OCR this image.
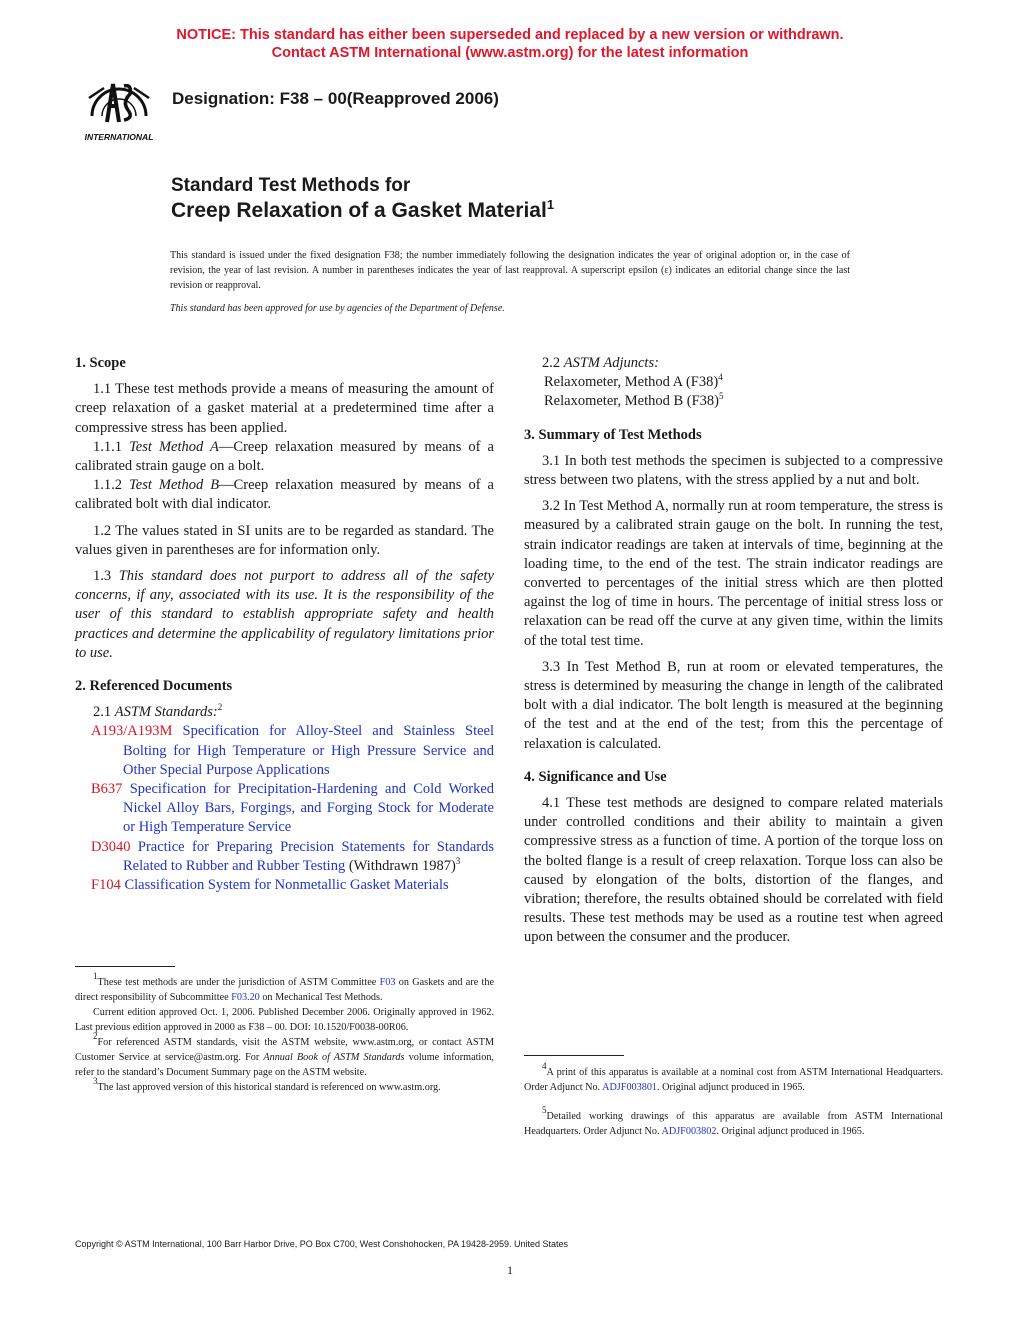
NOTICE: This standard has either been superseded and replaced by a new version or withdrawn.
Contact ASTM International (www.astm.org) for the latest information
INTERNATIONAL
Designation: F38 – 00(Reapproved 2006)
Standard Test Methods for
Creep Relaxation of a Gasket Material$^1$
This standard is issued under the fixed designation F38; the number immediately following the designation indicates the year of original adoption or, in the case of revision, the year of last revision. A number in parentheses indicates the year of last reapproval. A superscript epsilon (ε) indicates an editorial change since the last revision or reapproval.
This standard has been approved for use by agencies of the Department of Defense.

1. Scope

1.1 These test methods provide a means of measuring the amount of creep relaxation of a gasket material at a predetermined time after a compressive stress has been applied.

1.1.1 Test Method A—Creep relaxation measured by means of a calibrated strain gauge on a bolt.

1.1.2 Test Method B—Creep relaxation measured by means of a calibrated bolt with dial indicator.

1.2 The values stated in SI units are to be regarded as standard. The values given in parentheses are for information only.

1.3 This standard does not purport to address all of the safety concerns, if any, associated with its use. It is the responsibility of the user of this standard to establish appropriate safety and health practices and determine the applicability of regulatory limitations prior to use.

2. Referenced Documents

2.1 ASTM Standards:$^2$

A193/A193M Specification for Alloy-Steel and Stainless Steel Bolting for High Temperature or High Pressure Service and Other Special Purpose Applications

B637 Specification for Precipitation-Hardening and Cold Worked Nickel Alloy Bars, Forgings, and Forging Stock for Moderate or High Temperature Service

D3040 Practice for Preparing Precision Statements for Standards Related to Rubber and Rubber Testing (Withdrawn 1987)$^3$

F104 Classification System for Nonmetallic Gasket Materials

$^1$These test methods are under the jurisdiction of ASTM Committee F03 on Gaskets and are the direct responsibility of Subcommittee F03.20 on Mechanical Test Methods.

Current edition approved Oct. 1, 2006. Published December 2006. Originally approved in 1962. Last previous edition approved in 2000 as F38 – 00. DOI: 10.1520/F0038-00R06.

$^2$For referenced ASTM standards, visit the ASTM website, www.astm.org, or contact ASTM Customer Service at service@astm.org. For Annual Book of ASTM Standards volume information, refer to the standard’s Document Summary page on the ASTM website.

$^3$The last approved version of this historical standard is referenced on www.astm.org.

2.2 ASTM Adjuncts:

Relaxometer, Method A $(F38)^4$

Relaxometer, Method B $(F38)^5$

3. Summary of Test Methods

3.1 In both test methods the specimen is subjected to a compressive stress between two platens, with the stress applied by a nut and bolt.

3.2 In Test Method A, normally run at room temperature, the stress is measured by a calibrated strain gauge on the bolt. In running the test, strain indicator readings are taken at intervals of time, beginning at the loading time, to the end of the test. The strain indicator readings are converted to percentages of the initial stress which are then plotted against the log of time in hours. The percentage of initial stress loss or relaxation can be read off the curve at any given time, within the limits of the total test time.

3.3 In Test Method B, run at room or elevated temperatures, the stress is determined by measuring the change in length of the calibrated bolt with a dial indicator. The bolt length is measured at the beginning of the test and at the end of the test; from this the percentage of relaxation is calculated.

4. Significance and Use

4.1 These test methods are designed to compare related materials under controlled conditions and their ability to maintain a given compressive stress as a function of time. A portion of the torque loss on the bolted flange is a result of creep relaxation. Torque loss can also be caused by elongation of the bolts, distortion of the flanges, and vibration; therefore, the results obtained should be correlated with field results. These test methods may be used as a routine test when agreed upon between the consumer and the producer.

$^4$A print of this apparatus is available at a nominal cost from ASTM International Headquarters. Order Adjunct No. ADJF003801. Original adjunct produced in 1965.

$^5$Detailed working drawings of this apparatus are available from ASTM International Headquarters. Order Adjunct No. ADJF003802. Original adjunct produced in 1965.

Copyright © ASTM International, 100 Barr Harbor Drive, PO Box C700, West Conshohocken, PA 19428-2959. United States
1
